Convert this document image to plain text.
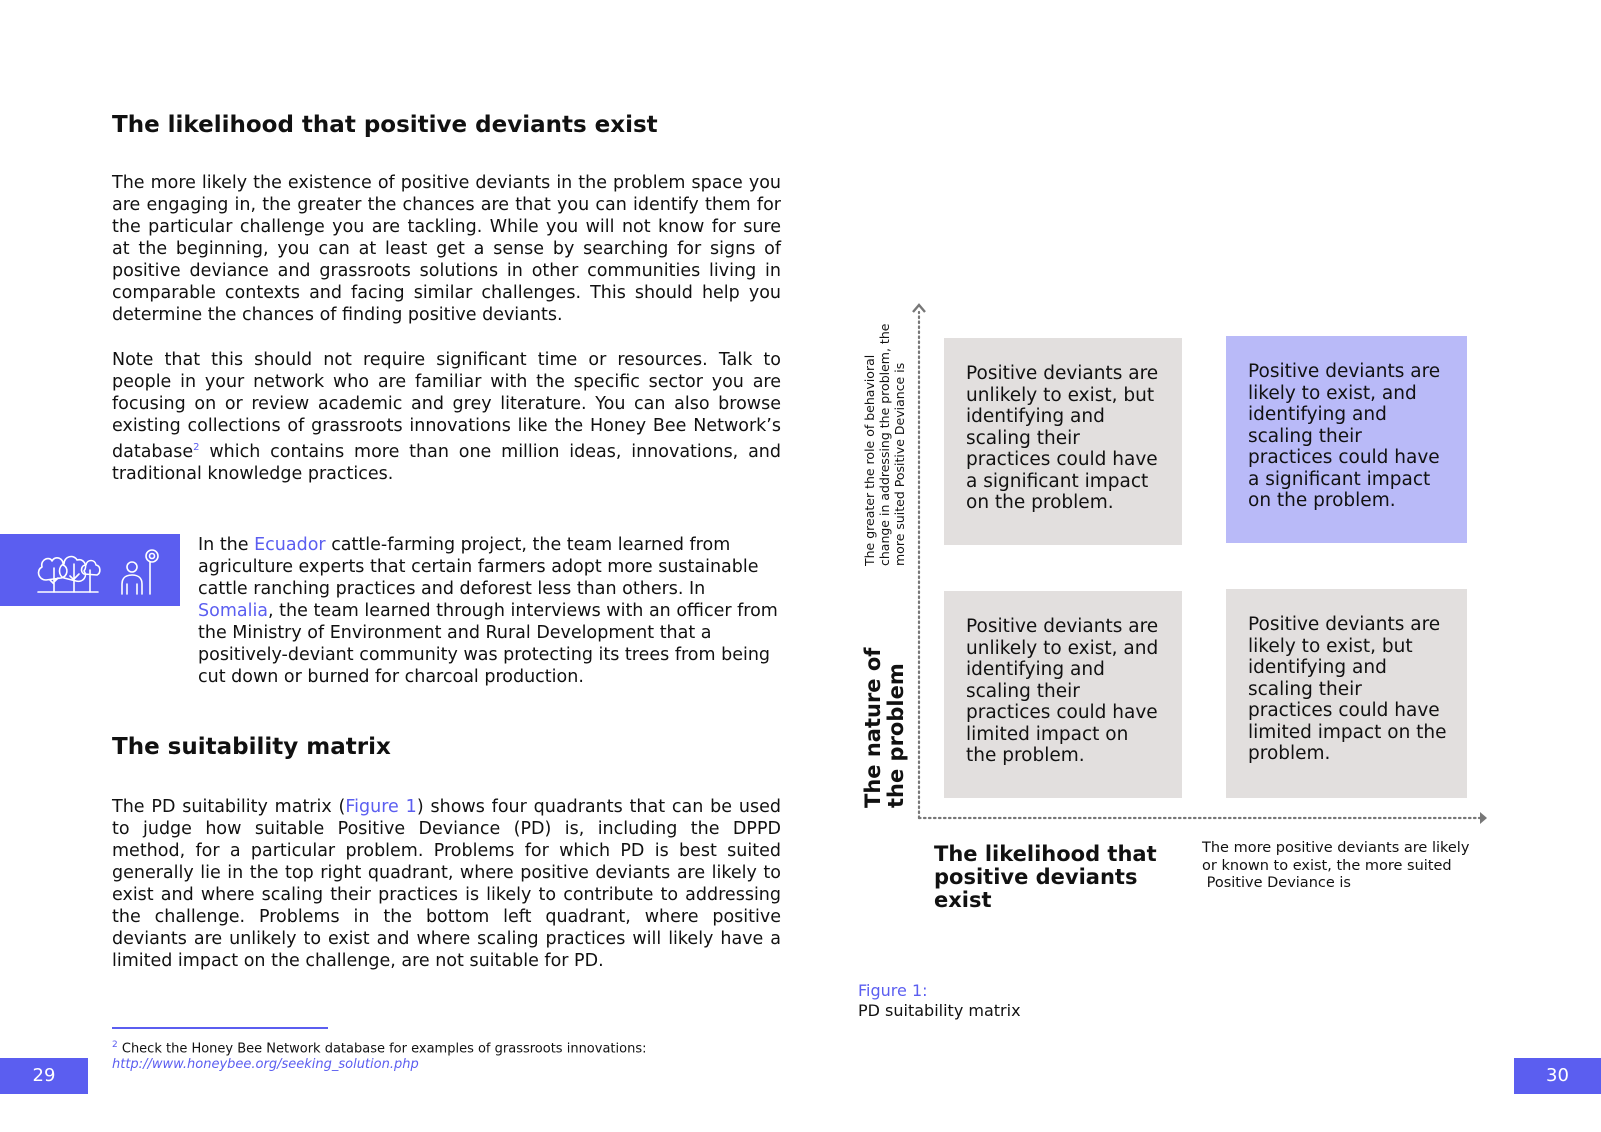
The likelihood that positive deviants exist

The more likely the existence of positive deviants in the problem space you are engaging in, the greater the chances are that you can identify them for the particular challenge you are tackling. While you will not know for sure at the beginning, you can at least get a sense by searching for signs of positive deviance and grassroots solutions in other communities living in comparable contexts and facing similar challenges. This should help you determine the chances of finding positive deviants.

Note that this should not require significant time or resources. Talk to people in your network who are familiar with the specific sector you are focusing on or review academic and grey literature. You can also browse existing collections of grassroots innovations like the Honey Bee Network’s database$^2$ which contains more than one million ideas, innovations, and traditional knowledge practices.

In the Ecuador cattle-farming project, the team learned from agriculture experts that certain farmers adopt more sustainable cattle ranching practices and deforest less than others. In Somalia, the team learned through interviews with an officer from the Ministry of Environment and Rural Development that a positively-deviant community was protecting its trees from being cut down or burned for charcoal production.

The suitability matrix

The PD suitability matrix (Figure 1) shows four quadrants that can be used to judge how suitable Positive Deviance (PD) is, including the DPPD method, for a particular problem. Problems for which PD is best suited generally lie in the top right quadrant, where positive deviants are likely to exist and where scaling their practices is likely to contribute to addressing the challenge. Problems in the bottom left quadrant, where positive deviants are unlikely to exist and where scaling practices will likely have a limited impact on the challenge, are not suitable for PD.

$^2$ Check the Honey Bee Network database for examples of grassroots innovations:
http://www.honeybee.org/seeking_solution.php
29
Positive deviants are unlikely to exist, but identifying and scaling their practices could have a significant impact on the problem.
Positive deviants are likely to exist, and identifying and scaling their practices could have a significant impact on the problem.
Positive deviants are unlikely to exist, and identifying and scaling their practices could have limited impact on the problem.
Positive deviants are likely to exist, but identifying and scaling their practices could have limited impact on the problem.
The greater the role of behavioral change in addressing the problem, the more suited Positive Deviance is
The nature of the problem
The likelihood that positive deviants exist
The more positive deviants are likely
or known to exist, the more suited
Positive Deviance is
Figure 1:
PD suitability matrix
30
